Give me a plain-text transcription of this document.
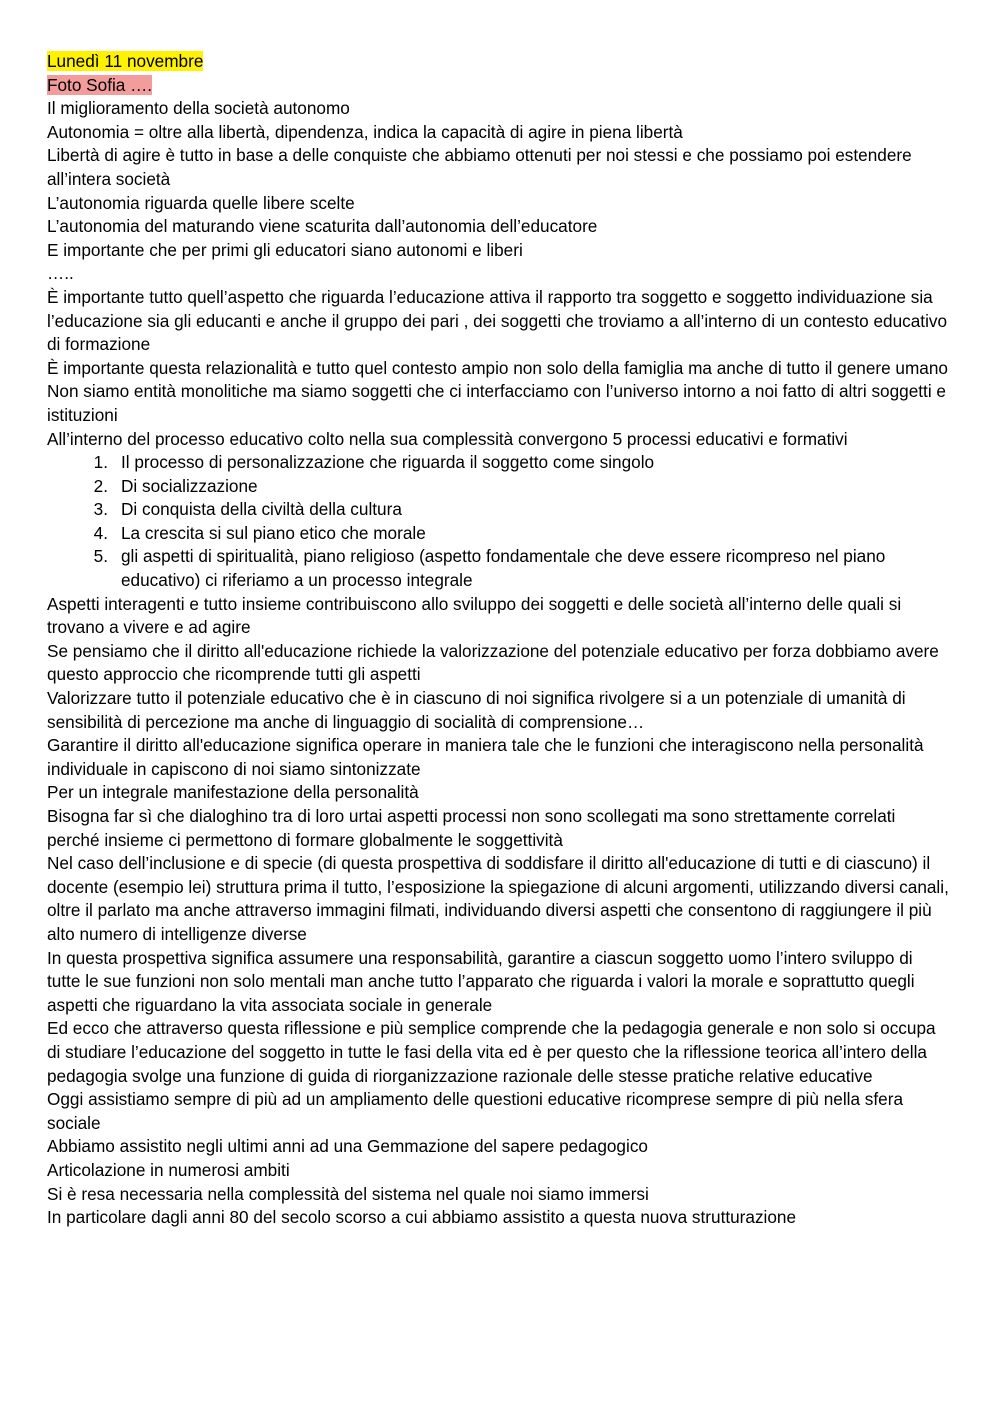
Lunedì 11 novembre

Foto Sofia ….

Il miglioramento della società autonomo

Autonomia = oltre alla libertà, dipendenza, indica la capacità di agire in piena libertà

Libertà di agire è tutto in base a delle conquiste che abbiamo ottenuti per noi stessi e che possiamo poi estendere all’intera società

L’autonomia riguarda quelle libere scelte

L’autonomia del maturando viene scaturita dall’autonomia dell’educatore

E importante che per primi gli educatori siano autonomi e liberi

…..

È importante tutto quell’aspetto che riguarda l’educazione attiva il rapporto tra soggetto e soggetto individuazione sia l’educazione sia gli educanti e anche il gruppo dei pari , dei soggetti che troviamo a all’interno di un contesto educativo di formazione

È importante questa relazionalità e tutto quel contesto ampio non solo della famiglia ma anche di tutto il genere umano

Non siamo entità monolitiche ma siamo soggetti che ci interfacciamo con l’universo intorno a noi fatto di altri soggetti e istituzioni

All’interno del processo educativo colto nella sua complessità convergono 5 processi educativi e formativi

1. Il processo di personalizzazione che riguarda il soggetto come singolo
2. Di socializzazione
3. Di conquista della civiltà della cultura
4. La crescita si sul piano etico che morale
5. gli aspetti di spiritualità, piano religioso (aspetto fondamentale che deve essere ricompreso nel piano educativo) ci riferiamo a un processo integrale

Aspetti interagenti e tutto insieme contribuiscono allo sviluppo dei soggetti e delle società all’interno delle quali si trovano a vivere e ad agire

Se pensiamo che il diritto all'educazione richiede la valorizzazione del potenziale educativo per forza dobbiamo avere questo approccio che ricomprende tutti gli aspetti

Valorizzare tutto il potenziale educativo che è in ciascuno di noi significa rivolgere si a un potenziale di umanità di sensibilità di percezione ma anche di linguaggio di socialità di comprensione…

Garantire il diritto all'educazione significa operare in maniera tale che le funzioni che interagiscono nella personalità individuale in capiscono di noi siamo sintonizzate

Per un integrale manifestazione della personalità

Bisogna far sì che dialoghino tra di loro urtai aspetti processi non sono scollegati ma sono strettamente correlati perché insieme ci permettono di formare globalmente le soggettività

Nel caso dell’inclusione e di specie (di questa prospettiva di soddisfare il diritto all'educazione di tutti e di ciascuno) il docente (esempio lei) struttura prima il tutto, l’esposizione la spiegazione di alcuni argomenti, utilizzando diversi canali, oltre il parlato ma anche attraverso immagini filmati, individuando diversi aspetti che consentono di raggiungere il più alto numero di intelligenze diverse

In questa prospettiva significa assumere una responsabilità, garantire a ciascun soggetto uomo l’intero sviluppo di tutte le sue funzioni non solo mentali man anche tutto l’apparato che riguarda i valori la morale e soprattutto quegli aspetti che riguardano la vita associata sociale in generale

Ed ecco che attraverso questa riflessione e più semplice comprende che la pedagogia generale e non solo si occupa di studiare l’educazione del soggetto in tutte le fasi della vita ed è per questo che la riflessione teorica all’intero della pedagogia svolge una funzione di guida di riorganizzazione razionale delle stesse pratiche relative educative

Oggi assistiamo sempre di più ad un ampliamento delle questioni educative ricomprese sempre di più nella sfera sociale

Abbiamo assistito negli ultimi anni ad una Gemmazione del sapere pedagogico

Articolazione in numerosi ambiti

Si è resa necessaria nella complessità del sistema nel quale noi siamo immersi

In particolare dagli anni 80 del secolo scorso a cui abbiamo assistito a questa nuova strutturazione
